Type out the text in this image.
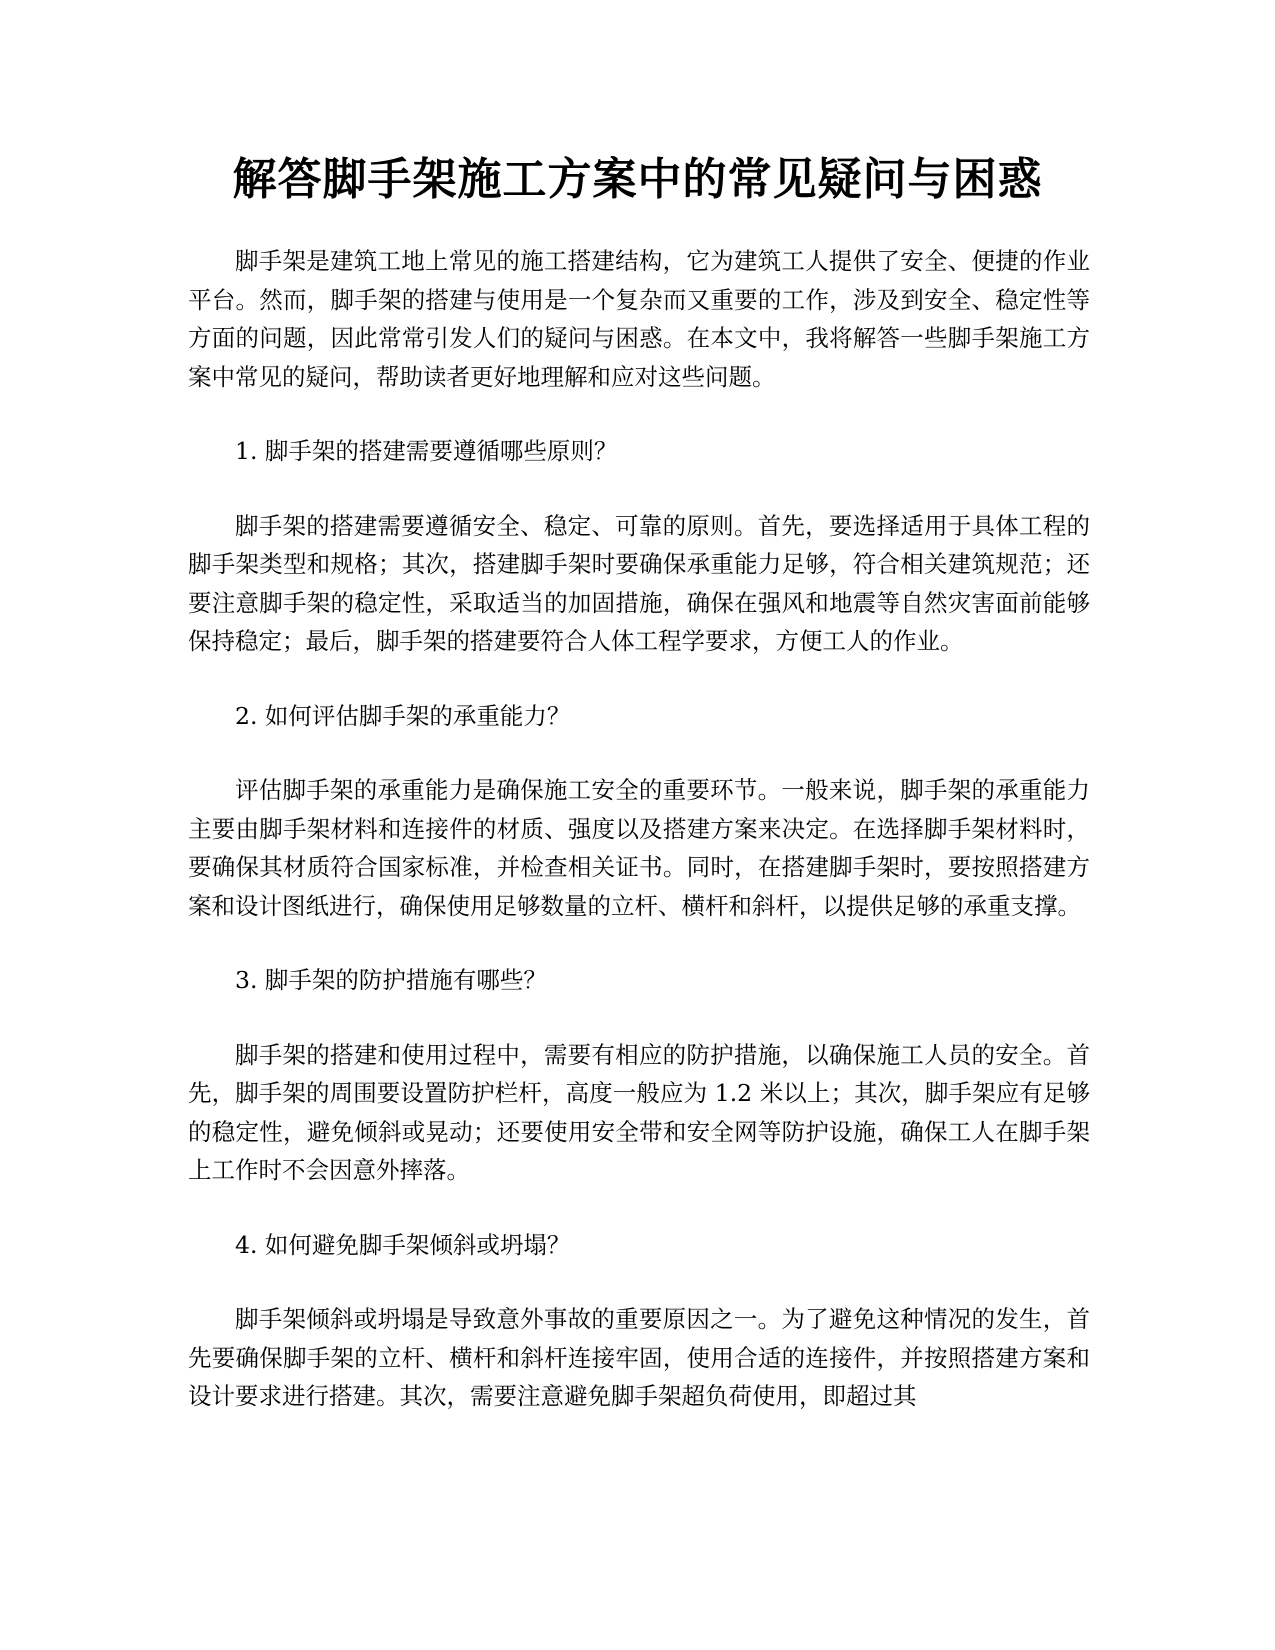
解答脚手架施工方案中的常见疑问与困惑

脚手架是建筑工地上常见的施工搭建结构，它为建筑工人提供了安全、便捷的作业平台。然而，脚手架的搭建与使用是一个复杂而又重要的工作，涉及到安全、稳定性等方面的问题，因此常常引发人们的疑问与困惑。在本文中，我将解答一些脚手架施工方案中常见的疑问，帮助读者更好地理解和应对这些问题。

1. 脚手架的搭建需要遵循哪些原则？

脚手架的搭建需要遵循安全、稳定、可靠的原则。首先，要选择适用于具体工程的脚手架类型和规格；其次，搭建脚手架时要确保承重能力足够，符合相关建筑规范；还要注意脚手架的稳定性，采取适当的加固措施，确保在强风和地震等自然灾害面前能够保持稳定；最后，脚手架的搭建要符合人体工程学要求，方便工人的作业。

2. 如何评估脚手架的承重能力？

评估脚手架的承重能力是确保施工安全的重要环节。一般来说，脚手架的承重能力主要由脚手架材料和连接件的材质、强度以及搭建方案来决定。在选择脚手架材料时，要确保其材质符合国家标准，并检查相关证书。同时，在搭建脚手架时，要按照搭建方案和设计图纸进行，确保使用足够数量的立杆、横杆和斜杆，以提供足够的承重支撑。

3. 脚手架的防护措施有哪些？

脚手架的搭建和使用过程中，需要有相应的防护措施，以确保施工人员的安全。首先，脚手架的周围要设置防护栏杆，高度一般应为 1.2 米以上；其次，脚手架应有足够的稳定性，避免倾斜或晃动；还要使用安全带和安全网等防护设施，确保工人在脚手架上工作时不会因意外摔落。

4. 如何避免脚手架倾斜或坍塌？

脚手架倾斜或坍塌是导致意外事故的重要原因之一。为了避免这种情况的发生，首先要确保脚手架的立杆、横杆和斜杆连接牢固，使用合适的连接件，并按照搭建方案和设计要求进行搭建。其次，需要注意避免脚手架超负荷使用，即超过其
